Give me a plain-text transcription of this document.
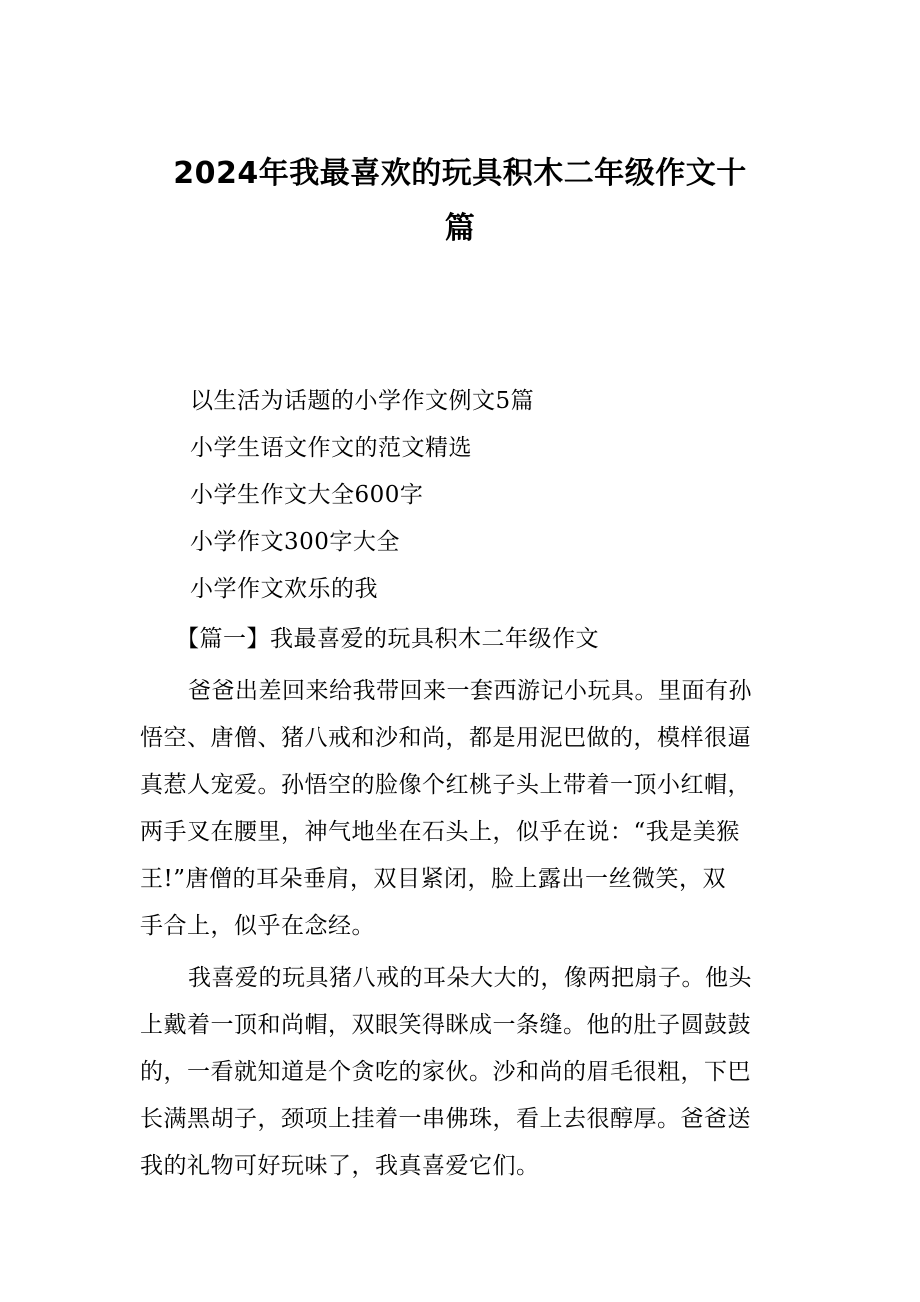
2024年我最喜欢的玩具积木二年级作文十
篇
以生活为话题的小学作文例文5篇
小学生语文作文的范文精选
小学生作文大全600字
小学作文300字大全
小学作文欢乐的我
【篇一】我最喜爱的玩具积木二年级作文
爸爸出差回来给我带回来一套西游记小玩具。里面有孙
悟空、唐僧、猪八戒和沙和尚，都是用泥巴做的，模样很逼
真惹人宠爱。孙悟空的脸像个红桃子头上带着一顶小红帽，
两手叉在腰里，神气地坐在石头上，似乎在说：“我是美猴
王!”唐僧的耳朵垂肩，双目紧闭，脸上露出一丝微笑，双
手合上，似乎在念经。
我喜爱的玩具猪八戒的耳朵大大的，像两把扇子。他头
上戴着一顶和尚帽，双眼笑得眯成一条缝。他的肚子圆鼓鼓
的，一看就知道是个贪吃的家伙。沙和尚的眉毛很粗，下巴
长满黑胡子，颈项上挂着一串佛珠，看上去很醇厚。爸爸送
我的礼物可好玩味了，我真喜爱它们。
